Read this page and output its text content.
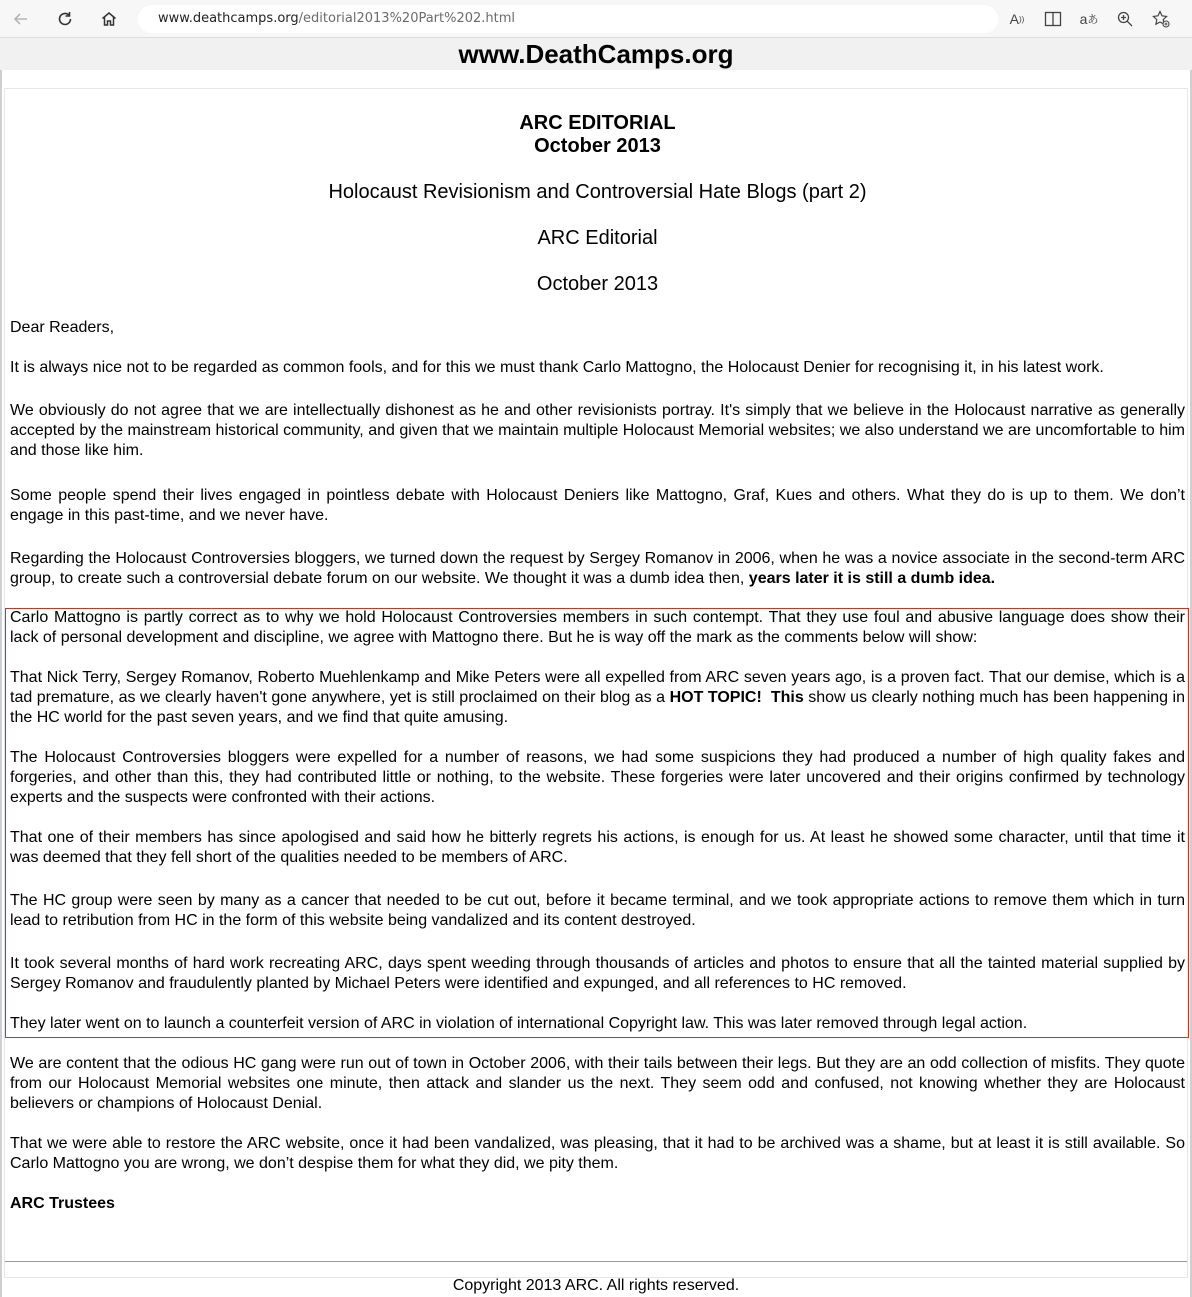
www.deathcamps.org/editorial2013%20Part%202.html	A ))	a あ
www.DeathCamps.org
ARC EDITORIAL
October 2013
Holocaust Revisionism and Controversial Hate Blogs (part 2)
ARC Editorial
October 2013

Dear Readers,

It is always nice not to be regarded as common fools, and for this we must thank Carlo Mattogno, the Holocaust Denier for recognising it, in his latest work.

We obviously do not agree that we are intellectually dishonest as he and other revisionists portray. It's simply that we believe in the Holocaust narrative as generally accepted by the mainstream historical community, and given that we maintain multiple Holocaust Memorial websites; we also understand we are uncomfortable to him and those like him.

Some people spend their lives engaged in pointless debate with Holocaust Deniers like Mattogno, Graf, Kues and others. What they do is up to them. We don’t engage in this past-time, and we never have.

Regarding the Holocaust Controversies bloggers, we turned down the request by Sergey Romanov in 2006, when he was a novice associate in the second-term ARC group, to create such a controversial debate forum on our website. We thought it was a dumb idea then, years later it is still a dumb idea.

Carlo Mattogno is partly correct as to why we hold Holocaust Controversies members in such contempt. That they use foul and abusive language does show their lack of personal development and discipline, we agree with Mattogno there. But he is way off the mark as the comments below will show:

That Nick Terry, Sergey Romanov, Roberto Muehlenkamp and Mike Peters were all expelled from ARC seven years ago, is a proven fact. That our demise, which is a tad premature, as we clearly haven't gone anywhere, yet is still proclaimed on their blog as a HOT TOPIC! This show us clearly nothing much has been happening in the HC world for the past seven years, and we find that quite amusing.

The Holocaust Controversies bloggers were expelled for a number of reasons, we had some suspicions they had produced a number of high quality fakes and forgeries, and other than this, they had contributed little or nothing, to the website. These forgeries were later uncovered and their origins confirmed by technology experts and the suspects were confronted with their actions.

That one of their members has since apologised and said how he bitterly regrets his actions, is enough for us. At least he showed some character, until that time it was deemed that they fell short of the qualities needed to be members of ARC.

The HC group were seen by many as a cancer that needed to be cut out, before it became terminal, and we took appropriate actions to remove them which in turn lead to retribution from HC in the form of this website being vandalized and its content destroyed.

It took several months of hard work recreating ARC, days spent weeding through thousands of articles and photos to ensure that all the tainted material supplied by Sergey Romanov and fraudulently planted by Michael Peters were identified and expunged, and all references to HC removed.

They later went on to launch a counterfeit version of ARC in violation of international Copyright law. This was later removed through legal action.

We are content that the odious HC gang were run out of town in October 2006, with their tails between their legs. But they are an odd collection of misfits. They quote from our Holocaust Memorial websites one minute, then attack and slander us the next. They seem odd and confused, not knowing whether they are Holocaust believers or champions of Holocaust Denial.

That we were able to restore the ARC website, once it had been vandalized, was pleasing, that it had to be archived was a shame, but at least it is still available. So Carlo Mattogno you are wrong, we don’t despise them for what they did, we pity them.

ARC Trustees

Copyright 2013 ARC. All rights reserved.
